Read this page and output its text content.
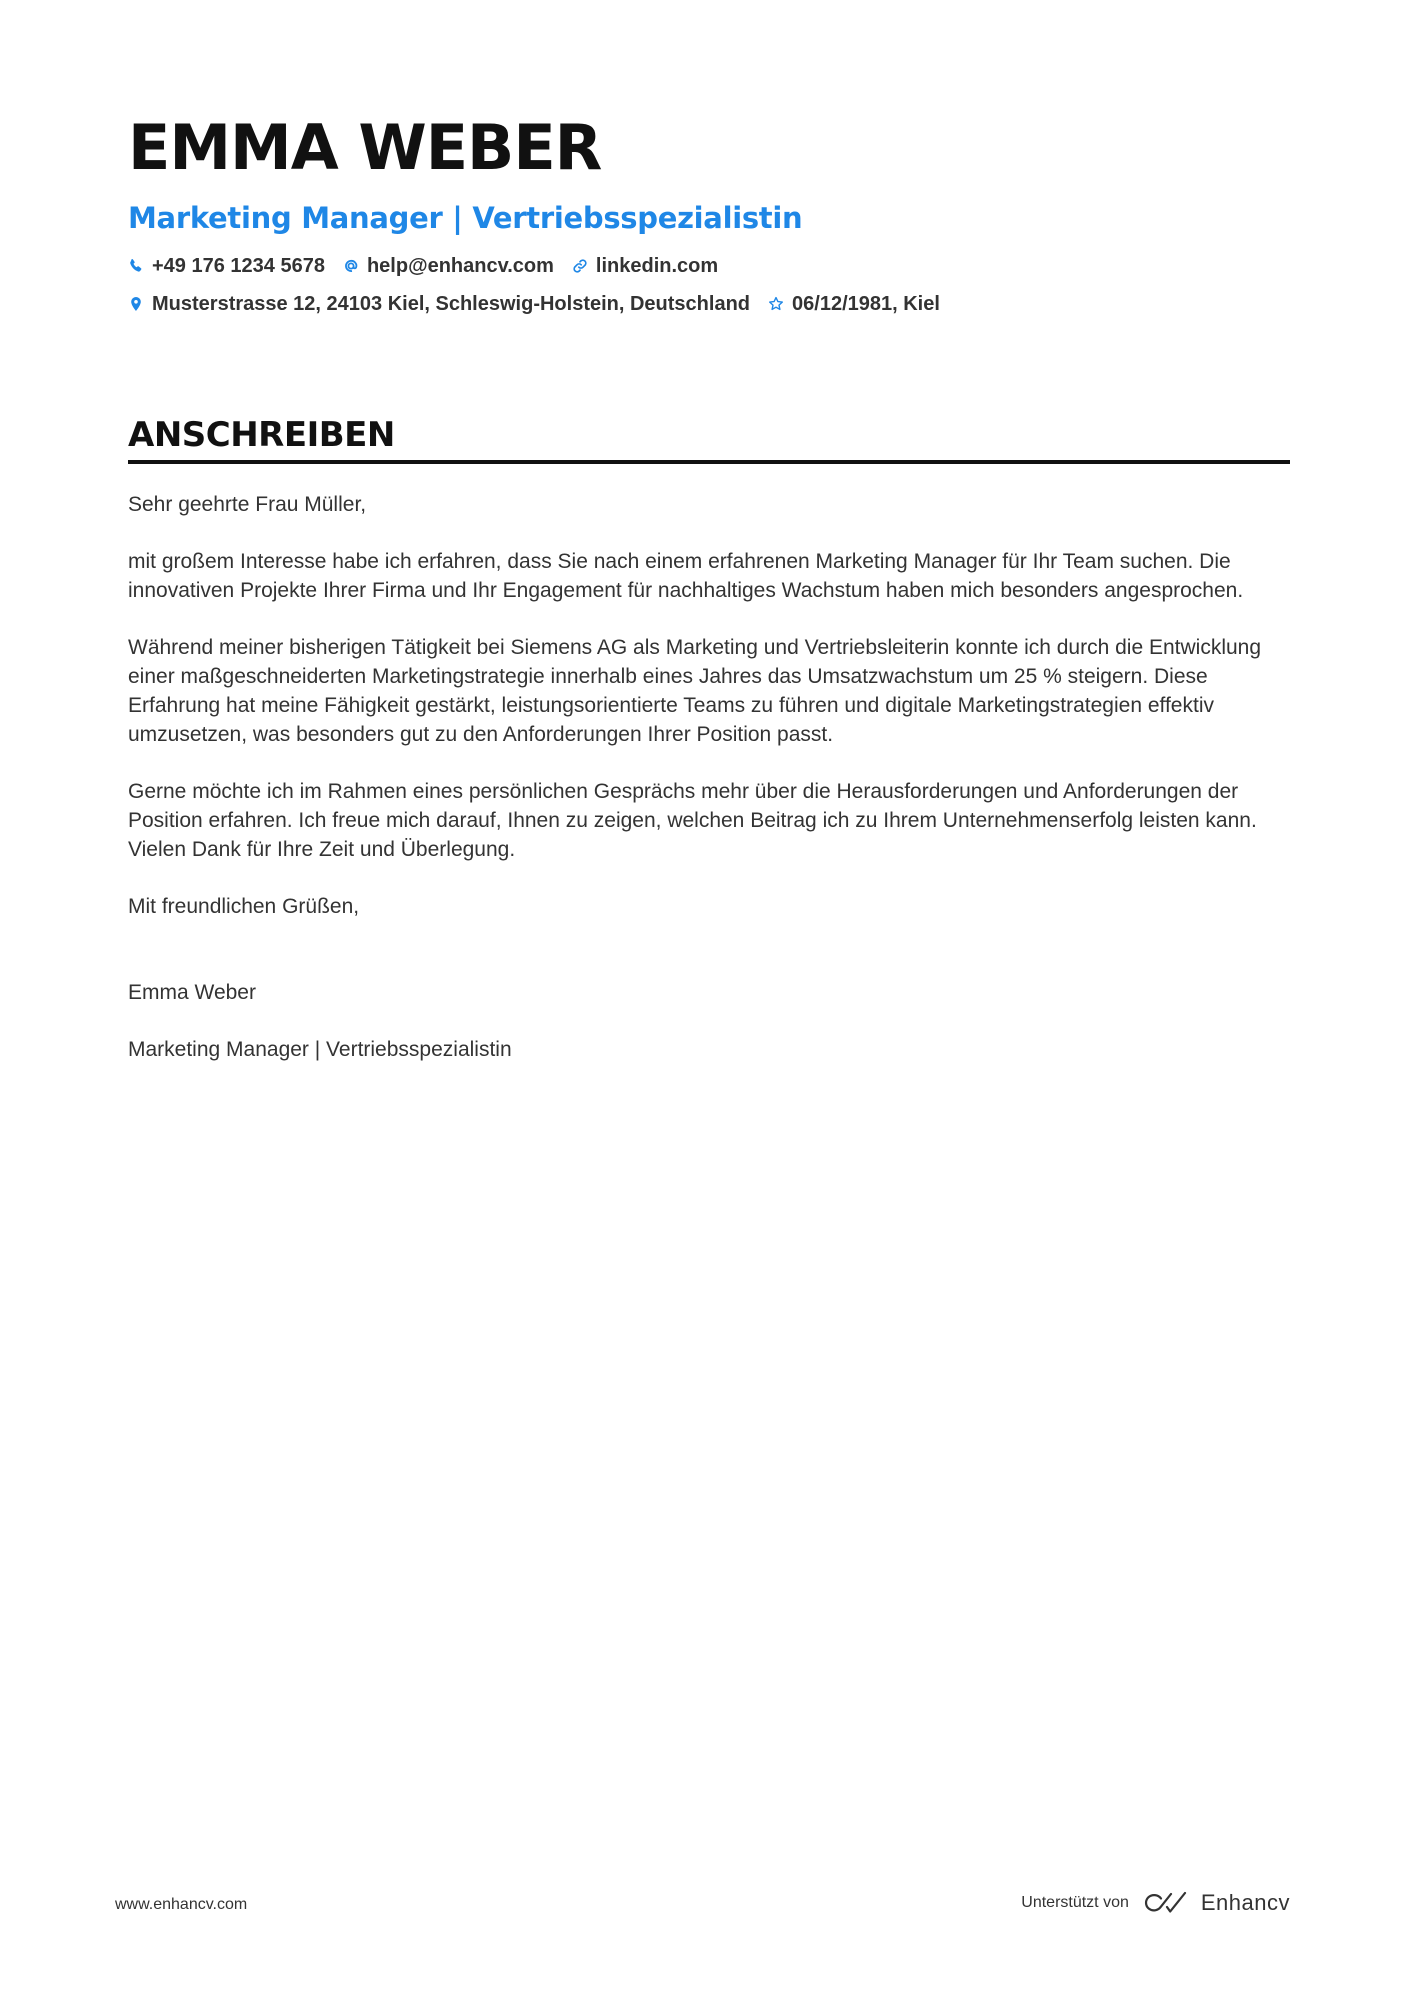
EMMA WEBER
Marketing Manager | Vertriebsspezialistin
+49 176 1234 5678 help@enhancv.com linkedin.com
Musterstrasse 12, 24103 Kiel, Schleswig-Holstein, Deutschland 06/12/1981, Kiel
ANSCHREIBEN

Sehr geehrte Frau Müller,

mit großem Interesse habe ich erfahren, dass Sie nach einem erfahrenen Marketing Manager für Ihr Team suchen. Die innovativen Projekte Ihrer Firma und Ihr Engagement für nachhaltiges Wachstum haben mich besonders angesprochen.

Während meiner bisherigen Tätigkeit bei Siemens AG als Marketing und Vertriebsleiterin konnte ich durch die Entwicklung einer maßgeschneiderten Marketingstrategie innerhalb eines Jahres das Umsatzwachstum um 25 % steigern. Diese Erfahrung hat meine Fähigkeit gestärkt, leistungsorientierte Teams zu führen und digitale Marketingstrategien effektiv umzusetzen, was besonders gut zu den Anforderungen Ihrer Position passt.

Gerne möchte ich im Rahmen eines persönlichen Gesprächs mehr über die Herausforderungen und Anforderungen der Position erfahren. Ich freue mich darauf, Ihnen zu zeigen, welchen Beitrag ich zu Ihrem Unternehmenserfolg leisten kann. Vielen Dank für Ihre Zeit und Überlegung.

Mit freundlichen Grüßen,

Emma Weber

Marketing Manager | Vertriebsspezialistin

www.enhancv.com	Unterstützt von	Enhancv
